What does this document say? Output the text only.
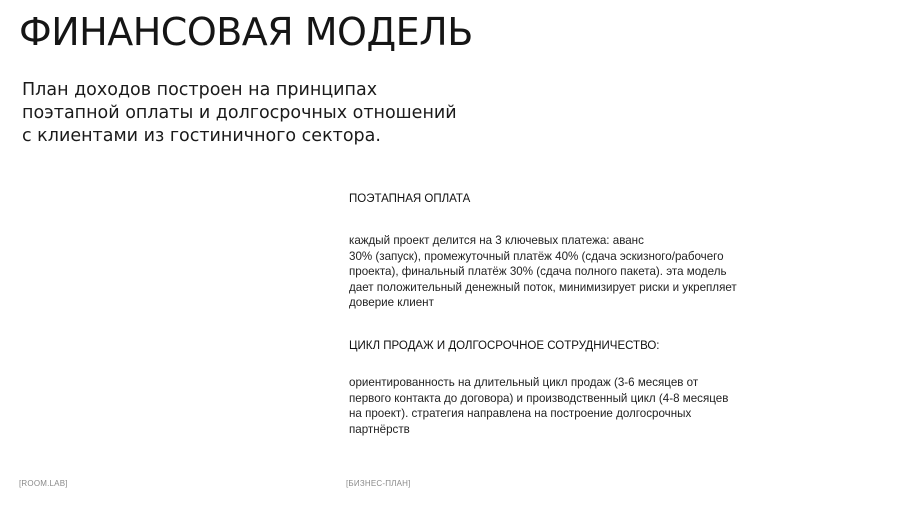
ФИНАНСОВАЯ МОДЕЛЬ
План доходов построен на принципах
поэтапной оплаты и долгосрочных отношений
с клиентами из гостиничного сектора.
ПОЭТАПНАЯ ОПЛАТА
каждый проект делится на 3 ключевых платежа: аванс
30% (запуск), промежуточный платёж 40% (сдача эскизного/рабочего
проекта), финальный платёж 30% (сдача полного пакета). эта модель
дает положительный денежный поток, минимизирует риски и укрепляет
доверие клиент
ЦИКЛ ПРОДАЖ И ДОЛГОСРОЧНОЕ СОТРУДНИЧЕСТВО:
ориентированность на длительный цикл продаж (3-6 месяцев от
первого контакта до договора) и производственный цикл (4-8 месяцев
на проект). стратегия направлена на построение долгосрочных
партнёрств
[ROOM.LAB]	[БИЗНЕС-ПЛАН]
